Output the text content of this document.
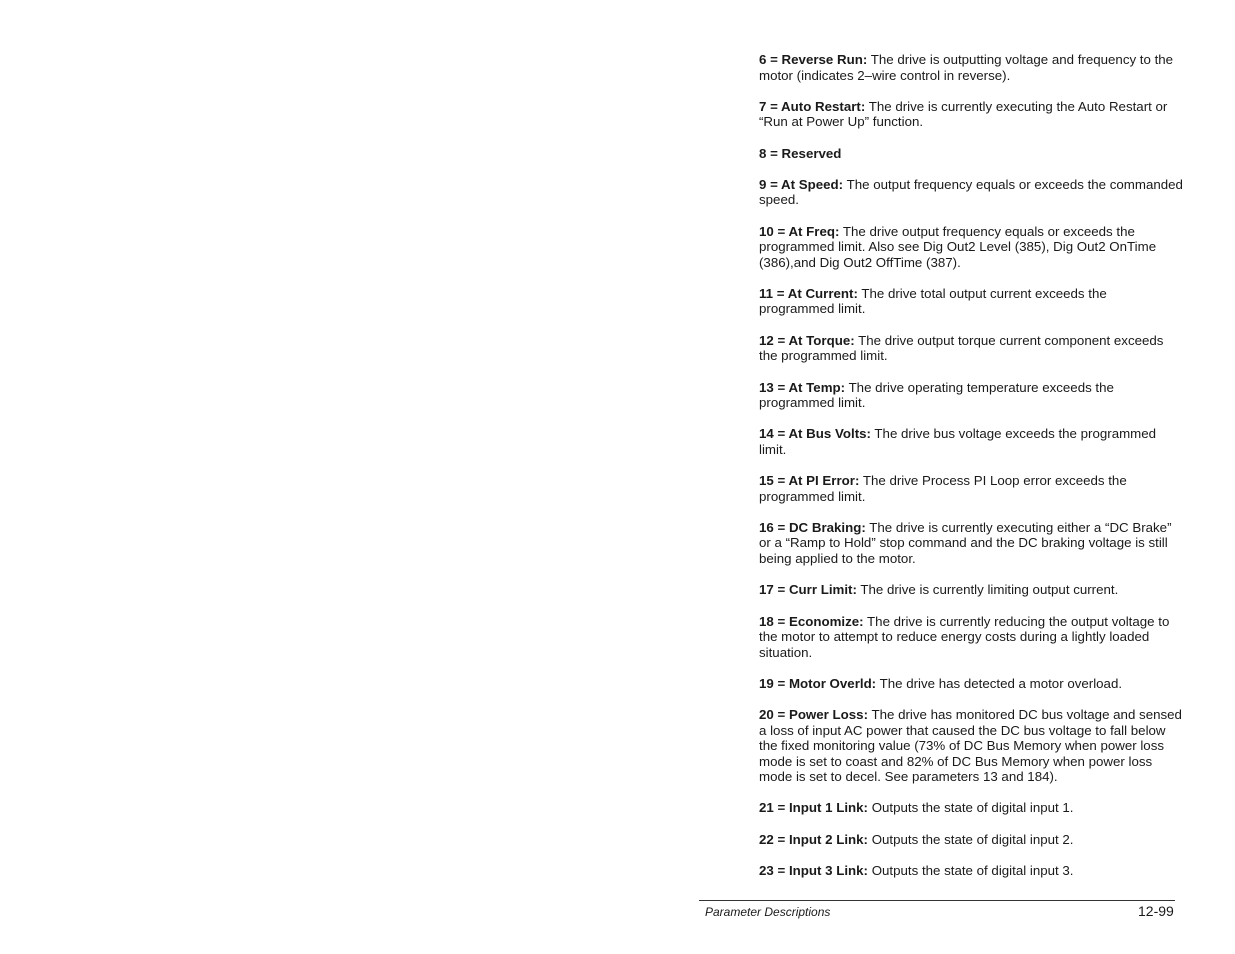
6 = Reverse Run: The drive is outputting voltage and frequency to the motor (indicates 2–wire control in reverse).

7 = Auto Restart: The drive is currently executing the Auto Restart or “Run at Power Up” function.

8 = Reserved

9 = At Speed: The output frequency equals or exceeds the commanded speed.

10 = At Freq: The drive output frequency equals or exceeds the programmed limit. Also see Dig Out2 Level (385), Dig Out2 OnTime (386),and Dig Out2 OffTime (387).

11 = At Current: The drive total output current exceeds the programmed limit.

12 = At Torque: The drive output torque current component exceeds the programmed limit.

13 = At Temp: The drive operating temperature exceeds the programmed limit.

14 = At Bus Volts: The drive bus voltage exceeds the programmed limit.

15 = At PI Error: The drive Process PI Loop error exceeds the programmed limit.

16 = DC Braking: The drive is currently executing either a “DC Brake” or a “Ramp to Hold” stop command and the DC braking voltage is still being applied to the motor.

17 = Curr Limit: The drive is currently limiting output current.

18 = Economize: The drive is currently reducing the output voltage to the motor to attempt to reduce energy costs during a lightly loaded situation.

19 = Motor Overld: The drive has detected a motor overload.

20 = Power Loss: The drive has monitored DC bus voltage and sensed a loss of input AC power that caused the DC bus voltage to fall below the fixed monitoring value (73% of DC Bus Memory when power loss mode is set to coast and 82% of DC Bus Memory when power loss mode is set to decel. See parameters 13 and 184).

21 = Input 1 Link: Outputs the state of digital input 1.

22 = Input 2 Link: Outputs the state of digital input 2.

23 = Input 3 Link: Outputs the state of digital input 3.

Parameter Descriptions	12-99
